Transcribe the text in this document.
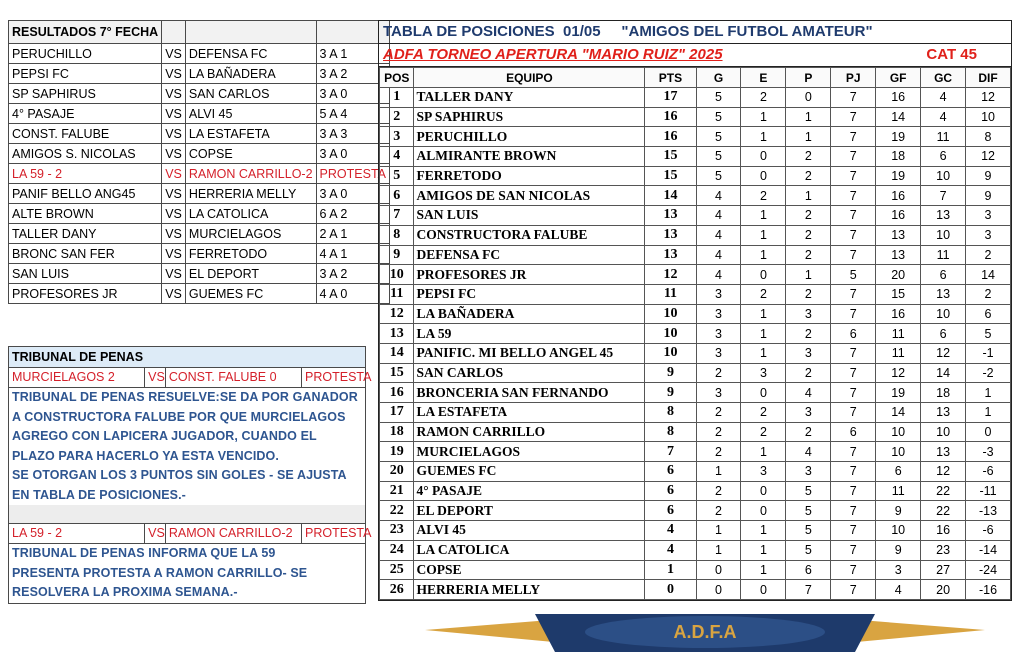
RESULTADOS 7° FECHA			
PERUCHILLO	VS	DEFENSA FC	3 A 1
PEPSI FC	VS	LA BAÑADERA	3 A 2
SP SAPHIRUS	VS	SAN CARLOS	3 A 0
4° PASAJE	VS	ALVI 45	5 A 4
CONST. FALUBE	VS	LA ESTAFETA	3 A 3
AMIGOS S. NICOLAS	VS	COPSE	3 A 0
LA 59 - 2	VS	RAMON CARRILLO-2	PROTESTA
PANIF BELLO ANG45	VS	HERRERIA MELLY	3 A 0
ALTE BROWN	VS	LA CATOLICA	6 A 2
TALLER DANY	VS	MURCIELAGOS	2 A 1
BRONC SAN FER	VS	FERRETODO	4 A 1
SAN LUIS	VS	EL DEPORT	3 A 2
PROFESORES JR	VS	GUEMES FC	4 A 0
TRIBUNAL DE PENAS
MURCIELAGOS 2	VS CONST. FALUBE 0	PROTESTA
TRIBUNAL DE PENAS RESUELVE:SE DA POR GANADOR
A CONSTRUCTORA FALUBE POR QUE MURCIELAGOS
AGREGO CON LAPICERA JUGADOR, CUANDO EL
PLAZO PARA HACERLO YA ESTA VENCIDO.
SE OTORGAN LOS 3 PUNTOS SIN GOLES - SE AJUSTA
EN TABLA DE POSICIONES.-
LA 59 - 2	VS RAMON CARRILLO-2 PROTESTA
TRIBUNAL DE PENAS INFORMA QUE LA 59
PRESENTA PROTESTA A RAMON CARRILLO- SE
RESOLVERA LA PROXIMA SEMANA.-
TABLA DE POSICIONES  01/05     "AMIGOS DEL FUTBOL AMATEUR"
ADFA TORNEO APERTURA "MARIO RUIZ" 2025	CAT 45
POS	EQUIPO	PTS	G	E	P	PJ	GF	GC	DIF
1	TALLER DANY	17	5	2	0	7	16	4	12
2	SP SAPHIRUS	16	5	1	1	7	14	4	10
3	PERUCHILLO	16	5	1	1	7	19	11	8
4	ALMIRANTE BROWN	15	5	0	2	7	18	6	12
5	FERRETODO	15	5	0	2	7	19	10	9
6	AMIGOS DE SAN NICOLAS	14	4	2	1	7	16	7	9
7	SAN LUIS	13	4	1	2	7	16	13	3
8	CONSTRUCTORA FALUBE	13	4	1	2	7	13	10	3
9	DEFENSA FC	13	4	1	2	7	13	11	2
10	PROFESORES JR	12	4	0	1	5	20	6	14
11	PEPSI FC	11	3	2	2	7	15	13	2
12	LA BAÑADERA	10	3	1	3	7	16	10	6
13	LA 59	10	3	1	2	6	11	6	5
14	PANIFIC. MI BELLO ANGEL 45	10	3	1	3	7	11	12	-1
15	SAN CARLOS	9	2	3	2	7	12	14	-2
16	BRONCERIA SAN FERNANDO	9	3	0	4	7	19	18	1
17	LA ESTAFETA	8	2	2	3	7	14	13	1
18	RAMON CARRILLO	8	2	2	2	6	10	10	0
19	MURCIELAGOS	7	2	1	4	7	10	13	-3
20	GUEMES FC	6	1	3	3	7	6	12	-6
21	4° PASAJE	6	2	0	5	7	11	22	-11
22	EL DEPORT	6	2	0	5	7	9	22	-13
23	ALVI 45	4	1	1	5	7	10	16	-6
24	LA CATOLICA	4	1	1	5	7	9	23	-14
25	COPSE	1	0	1	6	7	3	27	-24
26	HERRERIA MELLY	0	0	0	7	7	4	20	-16
A.D.F.A
